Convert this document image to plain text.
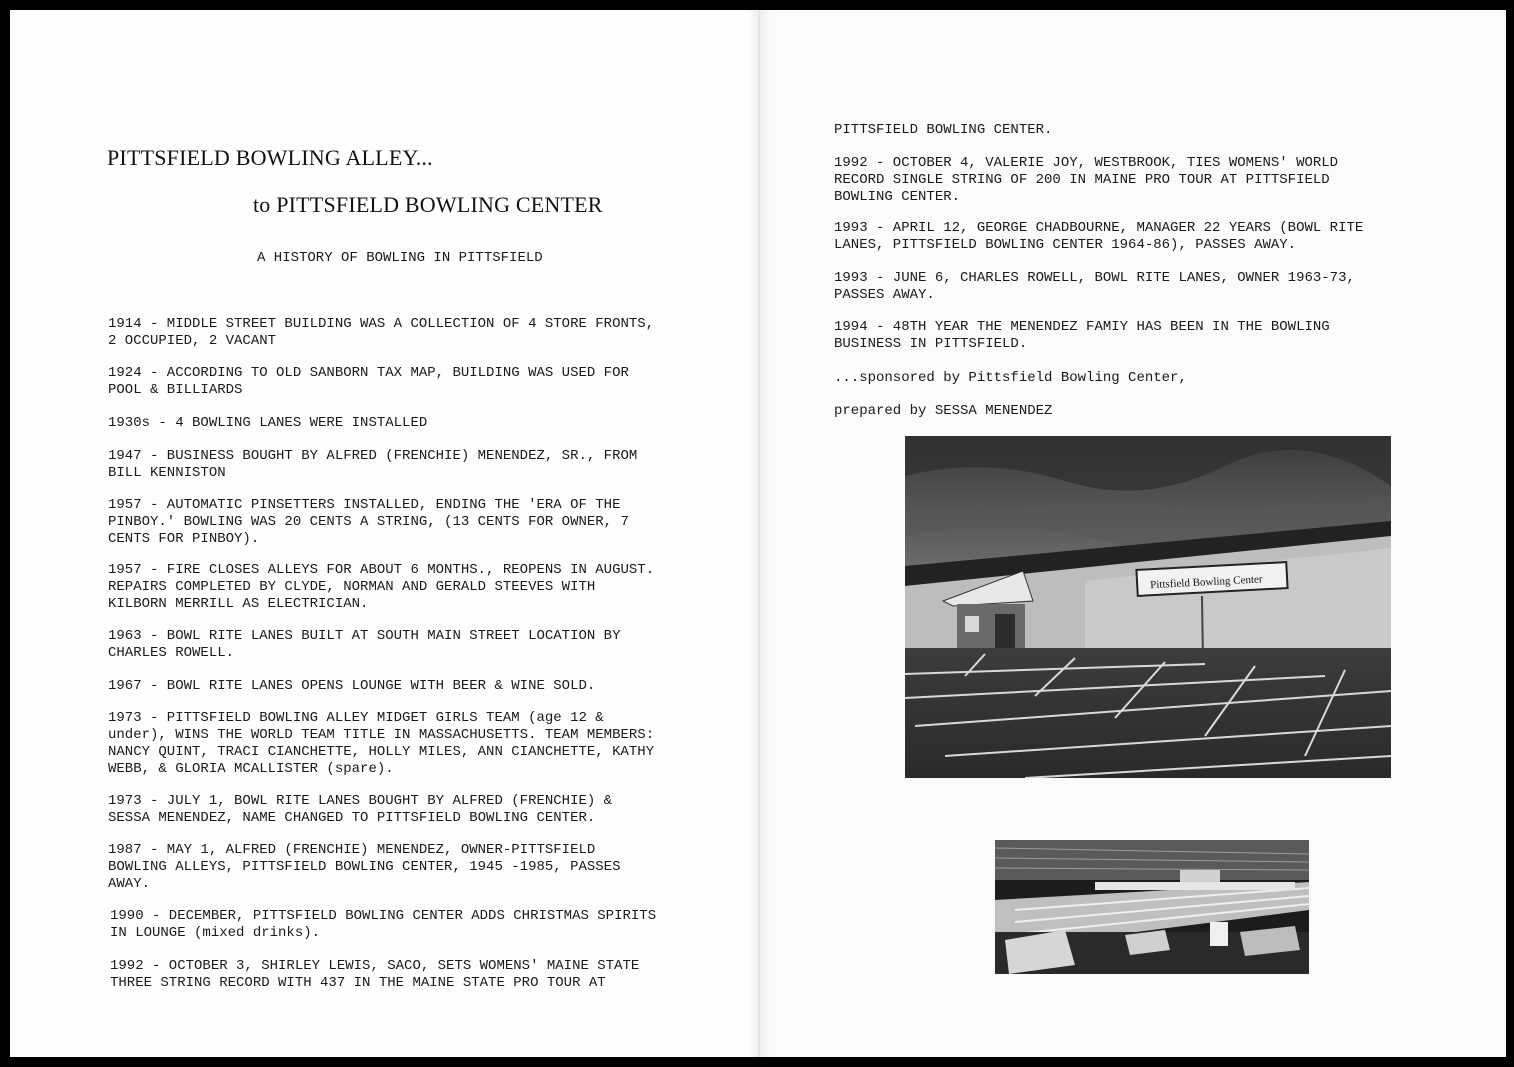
PITTSFIELD BOWLING ALLEY...
to PITTSFIELD BOWLING CENTER
A HISTORY OF BOWLING IN PITTSFIELD

1914 - MIDDLE STREET BUILDING WAS A COLLECTION OF 4 STORE FRONTS,
2 OCCUPIED, 2 VACANT

1924 - ACCORDING TO OLD SANBORN TAX MAP, BUILDING WAS USED FOR
POOL & BILLIARDS

1930s - 4 BOWLING LANES WERE INSTALLED

1947 - BUSINESS BOUGHT BY ALFRED (FRENCHIE) MENENDEZ, SR., FROM
BILL KENNISTON

1957 - AUTOMATIC PINSETTERS INSTALLED, ENDING THE 'ERA OF THE
PINBOY.' BOWLING WAS 20 CENTS A STRING, (13 CENTS FOR OWNER, 7
CENTS FOR PINBOY).

1957 - FIRE CLOSES ALLEYS FOR ABOUT 6 MONTHS., REOPENS IN AUGUST.
REPAIRS COMPLETED BY CLYDE, NORMAN AND GERALD STEEVES WITH
KILBORN MERRILL AS ELECTRICIAN.

1963 - BOWL RITE LANES BUILT AT SOUTH MAIN STREET LOCATION BY
CHARLES ROWELL.

1967 - BOWL RITE LANES OPENS LOUNGE WITH BEER & WINE SOLD.

1973 - PITTSFIELD BOWLING ALLEY MIDGET GIRLS TEAM (age 12 &
under), WINS THE WORLD TEAM TITLE IN MASSACHUSETTS. TEAM MEMBERS:
NANCY QUINT, TRACI CIANCHETTE, HOLLY MILES, ANN CIANCHETTE, KATHY
WEBB, & GLORIA MCALLISTER (spare).

1973 - JULY 1, BOWL RITE LANES BOUGHT BY ALFRED (FRENCHIE) &
SESSA MENENDEZ, NAME CHANGED TO PITTSFIELD BOWLING CENTER.

1987 - MAY 1, ALFRED (FRENCHIE) MENENDEZ, OWNER-PITTSFIELD
BOWLING ALLEYS, PITTSFIELD BOWLING CENTER, 1945 -1985, PASSES
AWAY.

1990 - DECEMBER, PITTSFIELD BOWLING CENTER ADDS CHRISTMAS SPIRITS
IN LOUNGE (mixed drinks).

1992 - OCTOBER 3, SHIRLEY LEWIS, SACO, SETS WOMENS' MAINE STATE
THREE STRING RECORD WITH 437 IN THE MAINE STATE PRO TOUR AT

PITTSFIELD BOWLING CENTER.

1992 - OCTOBER 4, VALERIE JOY, WESTBROOK, TIES WOMENS' WORLD
RECORD SINGLE STRING OF 200 IN MAINE PRO TOUR AT PITTSFIELD
BOWLING CENTER.

1993 - APRIL 12, GEORGE CHADBOURNE, MANAGER 22 YEARS (BOWL RITE
LANES, PITTSFIELD BOWLING CENTER 1964-86), PASSES AWAY.

1993 - JUNE 6, CHARLES ROWELL, BOWL RITE LANES, OWNER 1963-73,
PASSES AWAY.

1994 - 48TH YEAR THE MENENDEZ FAMIY HAS BEEN IN THE BOWLING
BUSINESS IN PITTSFIELD.

...sponsored by Pittsfield Bowling Center,

prepared by SESSA MENENDEZ

Pittsfield Bowling Center
